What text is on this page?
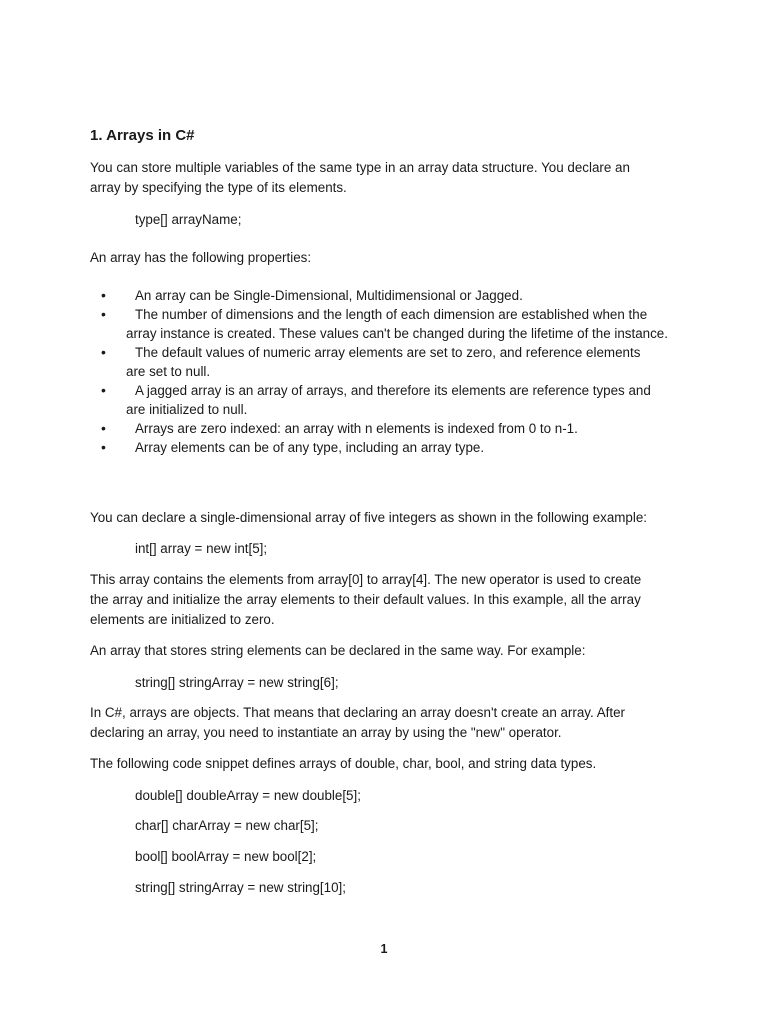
1. Arrays in C#
You can store multiple variables of the same type in an array data structure. You declare an
array by specifying the type of its elements.
type[] arrayName;
An array has the following properties:
•	An array can be Single-Dimensional, Multidimensional or Jagged.
•	The number of dimensions and the length of each dimension are established when the
array instance is created. These values can't be changed during the lifetime of the instance.
•	The default values of numeric array elements are set to zero, and reference elements
are set to null.
•	A jagged array is an array of arrays, and therefore its elements are reference types and
are initialized to null.
•	Arrays are zero indexed: an array with n elements is indexed from 0 to n-1.
•	Array elements can be of any type, including an array type.
You can declare a single-dimensional array of five integers as shown in the following example:
int[] array = new int[5];
This array contains the elements from array[0] to array[4]. The new operator is used to create
the array and initialize the array elements to their default values. In this example, all the array
elements are initialized to zero.
An array that stores string elements can be declared in the same way. For example:
string[] stringArray = new string[6];
In C#, arrays are objects. That means that declaring an array doesn't create an array. After
declaring an array, you need to instantiate an array by using the "new" operator.
The following code snippet defines arrays of double, char, bool, and string data types.
double[] doubleArray = new double[5];
char[] charArray = new char[5];
bool[] boolArray = new bool[2];
string[] stringArray = new string[10];
1
